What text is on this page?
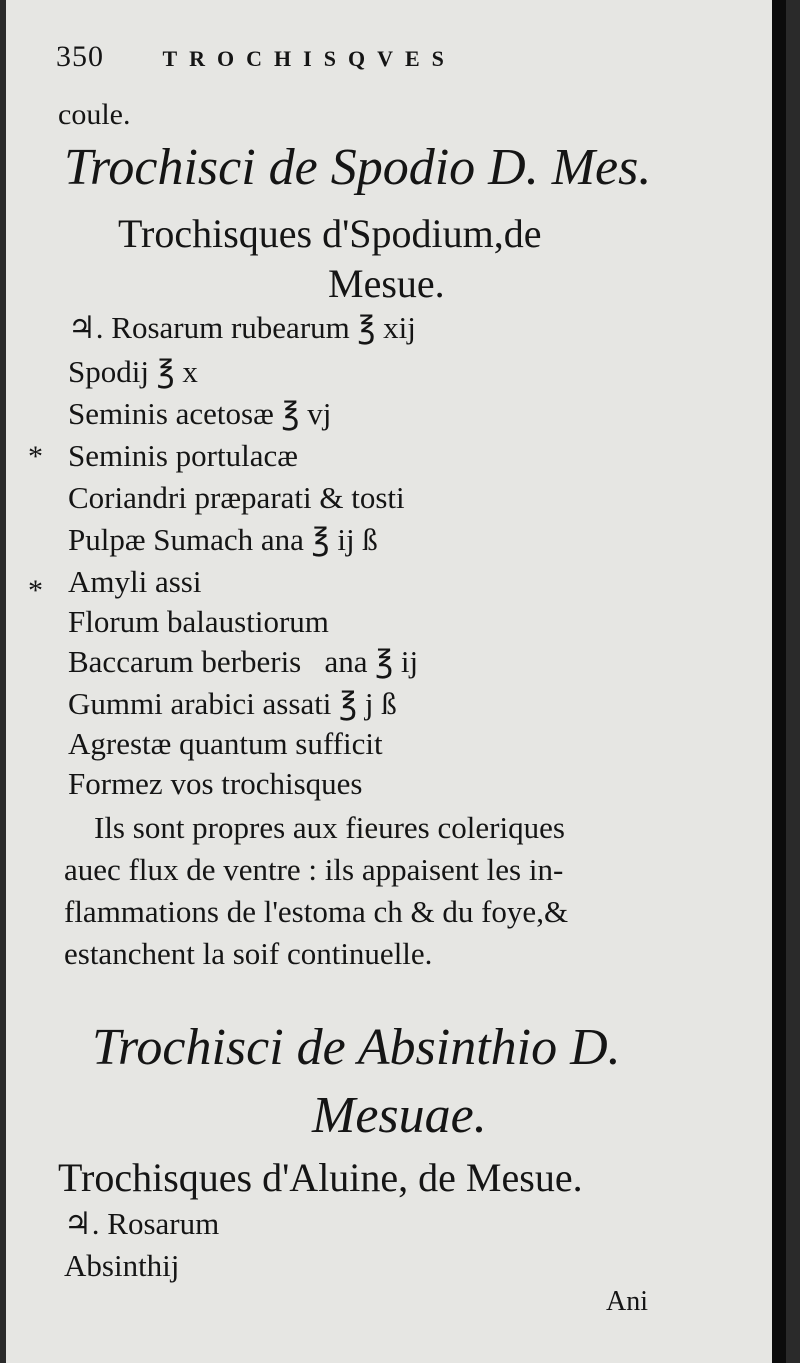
350	TROCHISQVES
coule.
Trochisci de Spodio D. Mes.
Trochisques d'Spodium,de
Mesue.
*
*
♃. Rosarum rubearum ℥ xij
Spodij ℥ x
Seminis acetosæ ℥ vj
Seminis portulacæ
Coriandri præparati & tosti
Pulpæ Sumach ana ℥ ij ß
Amyli assi
Florum balaustiorum
Baccarum berberis   ana ℥ ij
Gummi arabici assati ℥ j ß
Agrestæ quantum sufficit
Formez vos trochisques
Ils sont propres aux fieures coleriques
auec flux de ventre : ils appaisent les in-
flammations de l'estoma ch & du foye,&
estanchent la soif continuelle.
Trochisci de Absinthio D.
Mesuae.
Trochisques d'Aluine, de Mesue.
♃. Rosarum
Absinthij
Ani
